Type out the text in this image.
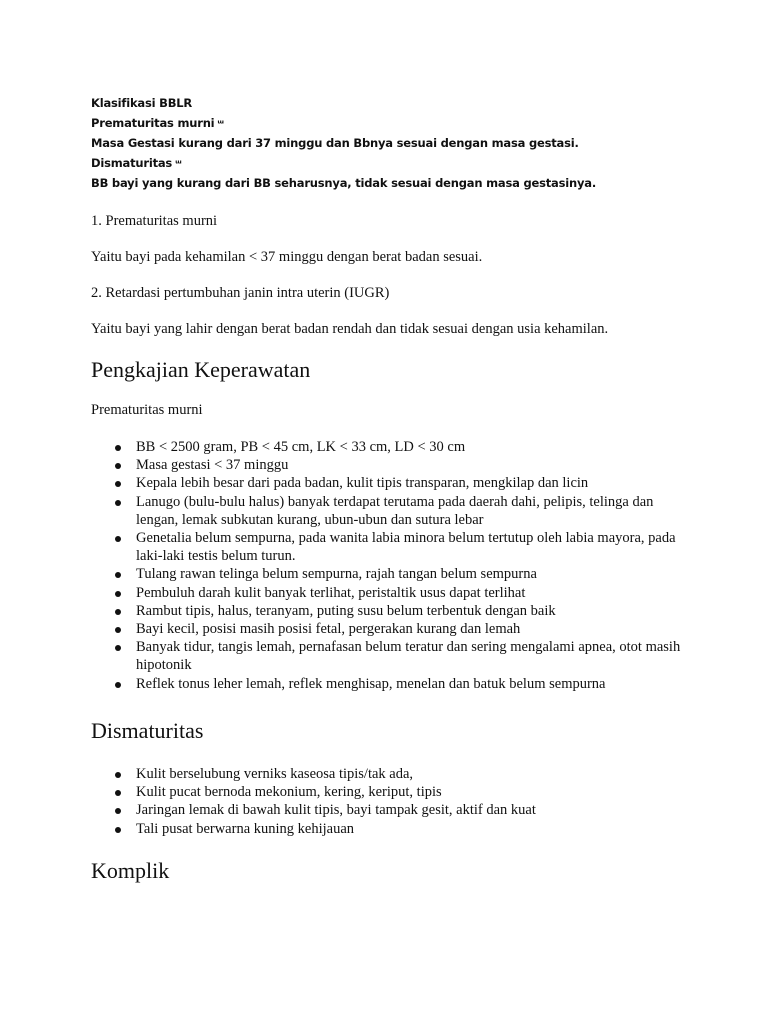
Klasifikasi BBLR
Prematuritas murni ᵚ
Masa Gestasi kurang dari 37 minggu dan Bbnya sesuai dengan masa gestasi.
Dismaturitas ᵚ
BB bayi yang kurang dari BB seharusnya, tidak sesuai dengan masa gestasinya.
1. Prematuritas murni
Yaitu bayi pada kehamilan < 37 minggu dengan berat badan sesuai.
2. Retardasi pertumbuhan janin intra uterin (IUGR)
Yaitu bayi yang lahir dengan berat badan rendah dan tidak sesuai dengan usia kehamilan.
Pengkajian Keperawatan
Prematuritas murni
BB < 2500 gram, PB < 45 cm, LK < 33 cm, LD < 30 cm
Masa gestasi < 37 minggu
Kepala lebih besar dari pada badan, kulit tipis transparan, mengkilap dan licin
Lanugo (bulu-bulu halus) banyak terdapat terutama pada daerah dahi, pelipis, telinga dan lengan, lemak subkutan kurang, ubun-ubun dan sutura lebar
Genetalia belum sempurna, pada wanita labia minora belum tertutup oleh labia mayora, pada laki-laki testis belum turun.
Tulang rawan telinga belum sempurna, rajah tangan belum sempurna
Pembuluh darah kulit banyak terlihat, peristaltik usus dapat terlihat
Rambut tipis, halus, teranyam, puting susu belum terbentuk dengan baik
Bayi kecil, posisi masih posisi fetal, pergerakan kurang dan lemah
Banyak tidur, tangis lemah, pernafasan belum teratur dan sering mengalami apnea, otot masih hipotonik
Reflek tonus leher lemah, reflek menghisap, menelan dan batuk belum sempurna
Dismaturitas
Kulit berselubung verniks kaseosa tipis/tak ada,
Kulit pucat bernoda mekonium, kering, keriput, tipis
Jaringan lemak di bawah kulit tipis, bayi tampak gesit, aktif dan kuat
Tali pusat berwarna kuning kehijauan
Komplik
